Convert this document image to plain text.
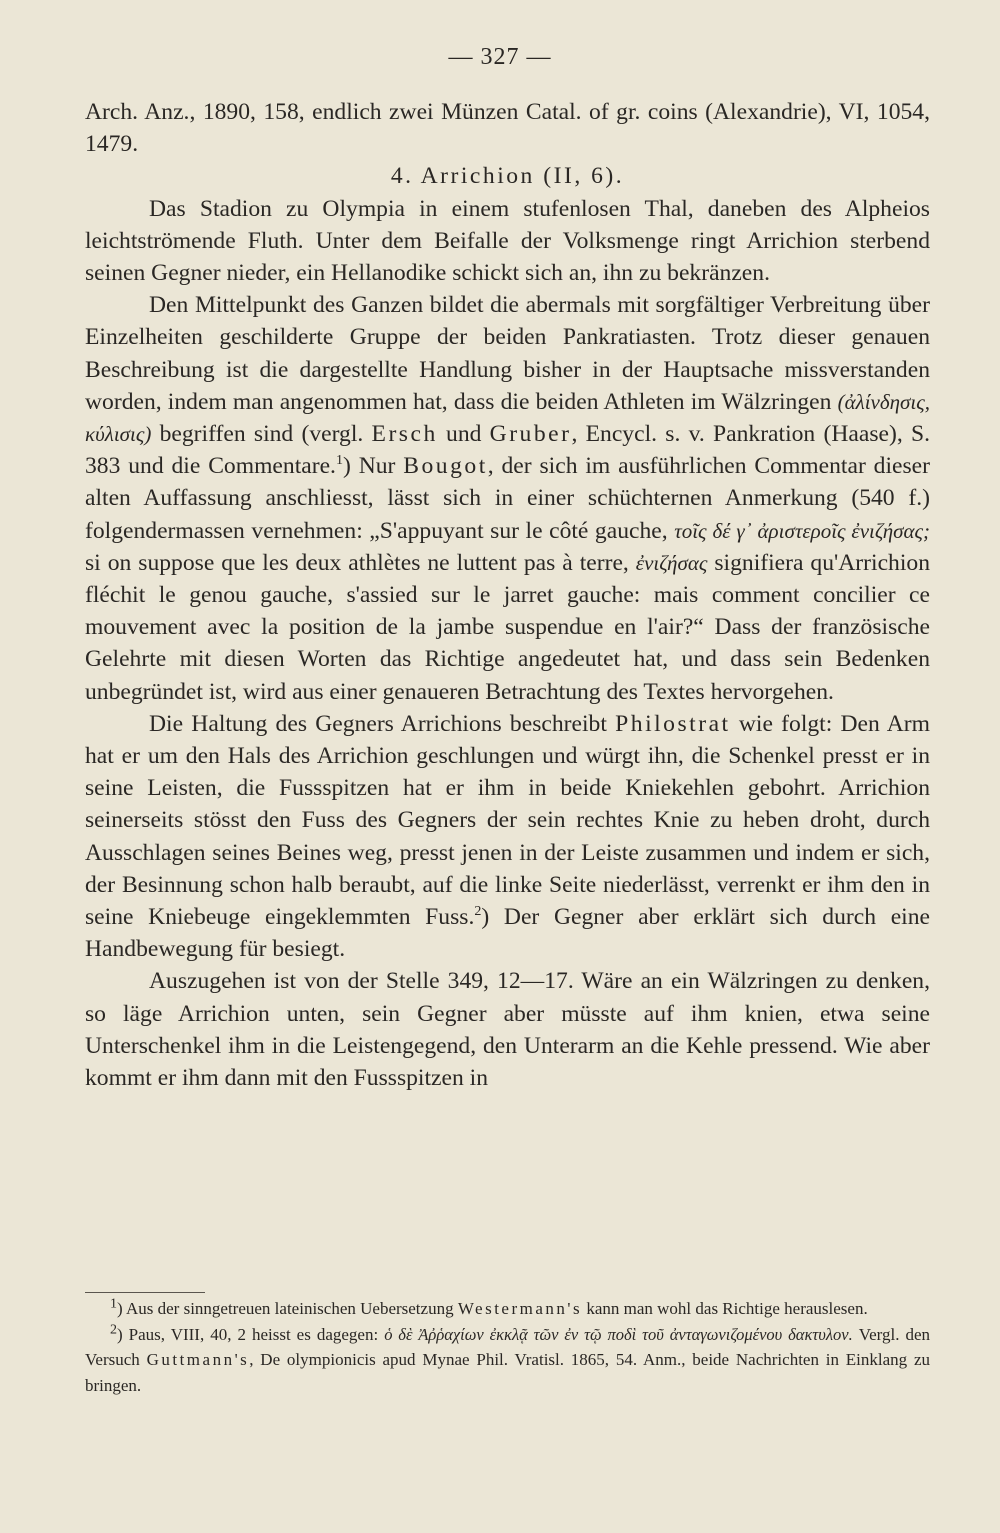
— 327 —

Arch. Anz., 1890, 158, endlich zwei Münzen Catal. of gr. coins (Alexandrie), VI, 1054, 1479.

4. Arrichion (II, 6).

Das Stadion zu Olympia in einem stufenlosen Thal, daneben des Alpheios leichtströmende Fluth. Unter dem Beifalle der Volksmenge ringt Arrichion sterbend seinen Gegner nieder, ein Hellanodike schickt sich an, ihn zu bekränzen.

Den Mittelpunkt des Ganzen bildet die abermals mit sorgfältiger Verbreitung über Einzelheiten geschilderte Gruppe der beiden Pankratiasten. Trotz dieser genauen Beschreibung ist die dargestellte Handlung bisher in der Hauptsache missverstanden worden, indem man angenommen hat, dass die beiden Athleten im Wälzringen (ἀλίνδησις, κύλισις) begriffen sind (vergl. Ersch und Gruber, Encycl. s. v. Pankration (Haase), S. 383 und die Commentare.$^1$) Nur Bougot, der sich im ausführlichen Commentar dieser alten Auffassung anschliesst, lässt sich in einer schüchternen Anmerkung (540 f.) folgendermassen vernehmen: „S'appuyant sur le côté gauche, τοῖς δέ γ᾽ ἀριστεροῖς ἐνιζήσας; si on suppose que les deux athlètes ne luttent pas à terre, ἐνιζήσας signifiera qu'Arrichion fléchit le genou gauche, s'assied sur le jarret gauche: mais comment concilier ce mouvement avec la position de la jambe suspendue en l'air?“ Dass der französische Gelehrte mit diesen Worten das Richtige angedeutet hat, und dass sein Bedenken unbegründet ist, wird aus einer genaueren Betrachtung des Textes hervorgehen.

Die Haltung des Gegners Arrichions beschreibt Philostrat wie folgt: Den Arm hat er um den Hals des Arrichion geschlungen und würgt ihn, die Schenkel presst er in seine Leisten, die Fussspitzen hat er ihm in beide Kniekehlen gebohrt. Arrichion seinerseits stösst den Fuss des Gegners der sein rechtes Knie zu heben droht, durch Ausschlagen seines Beines weg, presst jenen in der Leiste zusammen und indem er sich, der Besinnung schon halb beraubt, auf die linke Seite niederlässt, verrenkt er ihm den in seine Kniebeuge eingeklemmten Fuss.$^2$) Der Gegner aber erklärt sich durch eine Handbewegung für besiegt.

Auszugehen ist von der Stelle 349, 12—17. Wäre an ein Wälzringen zu denken, so läge Arrichion unten, sein Gegner aber müsste auf ihm knien, etwa seine Unterschenkel ihm in die Leistengegend, den Unterarm an die Kehle pressend. Wie aber kommt er ihm dann mit den Fussspitzen in

$^1$) Aus der sinngetreuen lateinischen Uebersetzung Westermann's kann man wohl das Richtige herauslesen.

$^2$) Paus, VIII, 40, 2 heisst es dagegen: ὁ δὲ Ἀῤῥαχίων ἐκκλᾷ τῶν ἐν τῷ ποδὶ τοῦ ἀνταγωνιζομένου δακτυλον. Vergl. den Versuch Guttmann's, De olympionicis apud Mynae Phil. Vratisl. 1865, 54. Anm., beide Nachrichten in Einklang zu bringen.
